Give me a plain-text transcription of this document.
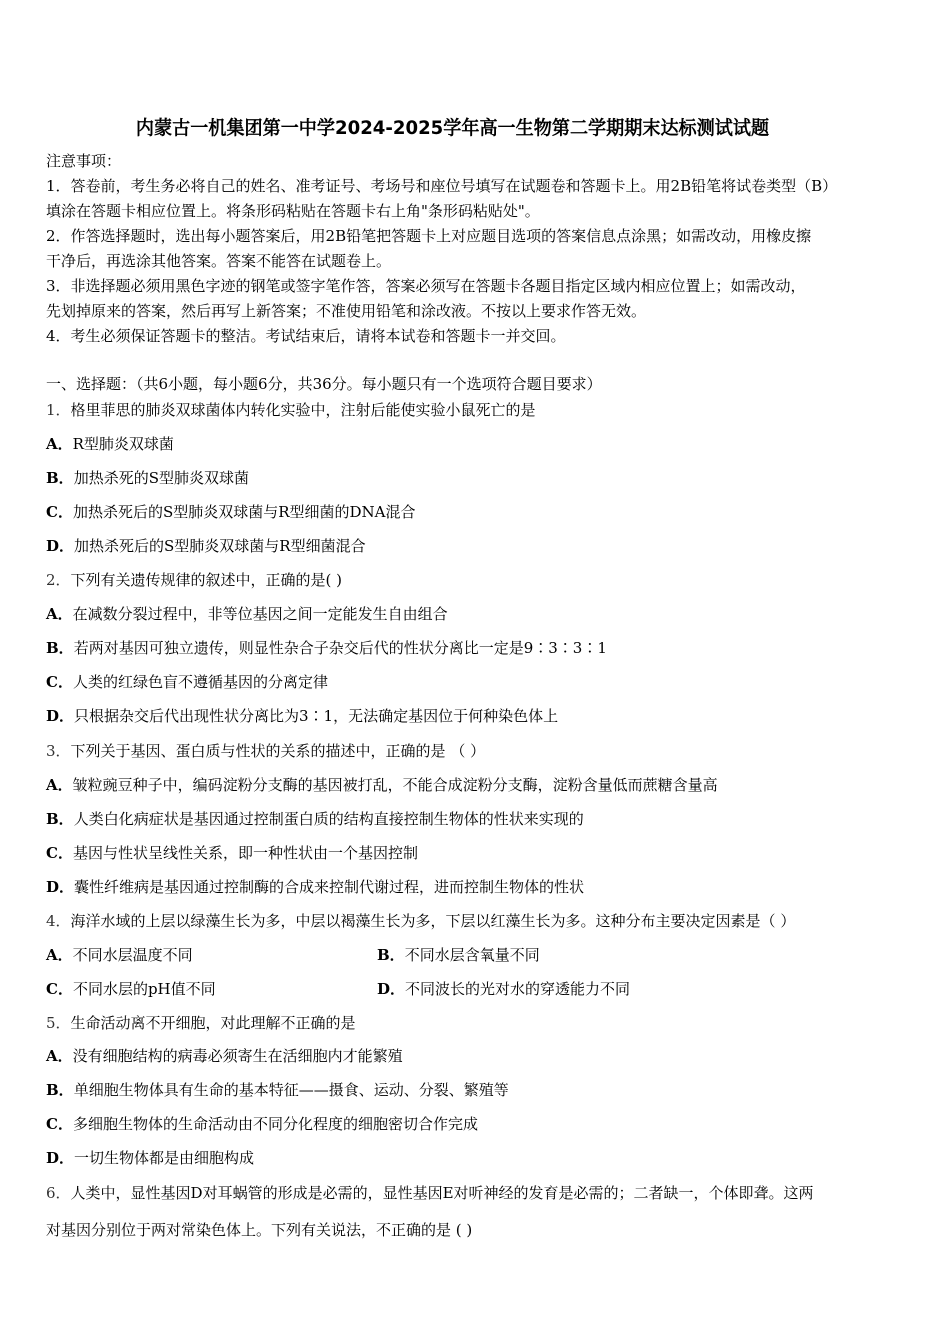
内蒙古一机集团第一中学2024-2025学年高一生物第二学期期末达标测试试题
注意事项：
1．答卷前，考生务必将自己的姓名、准考证号、考场号和座位号填写在试题卷和答题卡上。用2B铅笔将试卷类型（B）
填涂在答题卡相应位置上。将条形码粘贴在答题卡右上角"条形码粘贴处"。
2．作答选择题时，选出每小题答案后，用2B铅笔把答题卡上对应题目选项的答案信息点涂黑；如需改动，用橡皮擦
干净后，再选涂其他答案。答案不能答在试题卷上。
3．非选择题必须用黑色字迹的钢笔或签字笔作答，答案必须写在答题卡各题目指定区域内相应位置上；如需改动，
先划掉原来的答案，然后再写上新答案；不准使用铅笔和涂改液。不按以上要求作答无效。
4．考生必须保证答题卡的整洁。考试结束后，请将本试卷和答题卡一并交回。
一、选择题：（共6小题，每小题6分，共36分。每小题只有一个选项符合题目要求）
1．格里菲思的肺炎双球菌体内转化实验中，注射后能使实验小鼠死亡的是
A．R型肺炎双球菌
B．加热杀死的S型肺炎双球菌
C．加热杀死后的S型肺炎双球菌与R型细菌的DNA混合
D．加热杀死后的S型肺炎双球菌与R型细菌混合
2．下列有关遗传规律的叙述中，正确的是( )
A．在减数分裂过程中，非等位基因之间一定能发生自由组合
B．若两对基因可独立遗传，则显性杂合子杂交后代的性状分离比一定是9∶3∶3∶1
C．人类的红绿色盲不遵循基因的分离定律
D．只根据杂交后代出现性状分离比为3∶1，无法确定基因位于何种染色体上
3．下列关于基因、蛋白质与性状的关系的描述中，正确的是 （ ）
A．皱粒豌豆种子中，编码淀粉分支酶的基因被打乱，不能合成淀粉分支酶，淀粉含量低而蔗糖含量高
B．人类白化病症状是基因通过控制蛋白质的结构直接控制生物体的性状来实现的
C．基因与性状呈线性关系，即一种性状由一个基因控制
D．囊性纤维病是基因通过控制酶的合成来控制代谢过程，进而控制生物体的性状
4．海洋水域的上层以绿藻生长为多，中层以褐藻生长为多，下层以红藻生长为多。这种分布主要决定因素是（ ）
A．不同水层温度不同	B．不同水层含氧量不同
C．不同水层的pH值不同	D．不同波长的光对水的穿透能力不同
5．生命活动离不开细胞，对此理解不正确的是
A．没有细胞结构的病毒必须寄生在活细胞内才能繁殖
B．单细胞生物体具有生命的基本特征——摄食、运动、分裂、繁殖等
C．多细胞生物体的生命活动由不同分化程度的细胞密切合作完成
D．一切生物体都是由细胞构成
6．人类中，显性基因D对耳蜗管的形成是必需的，显性基因E对听神经的发育是必需的；二者缺一，个体即聋。这两
对基因分别位于两对常染色体上。下列有关说法，不正确的是 ( )
